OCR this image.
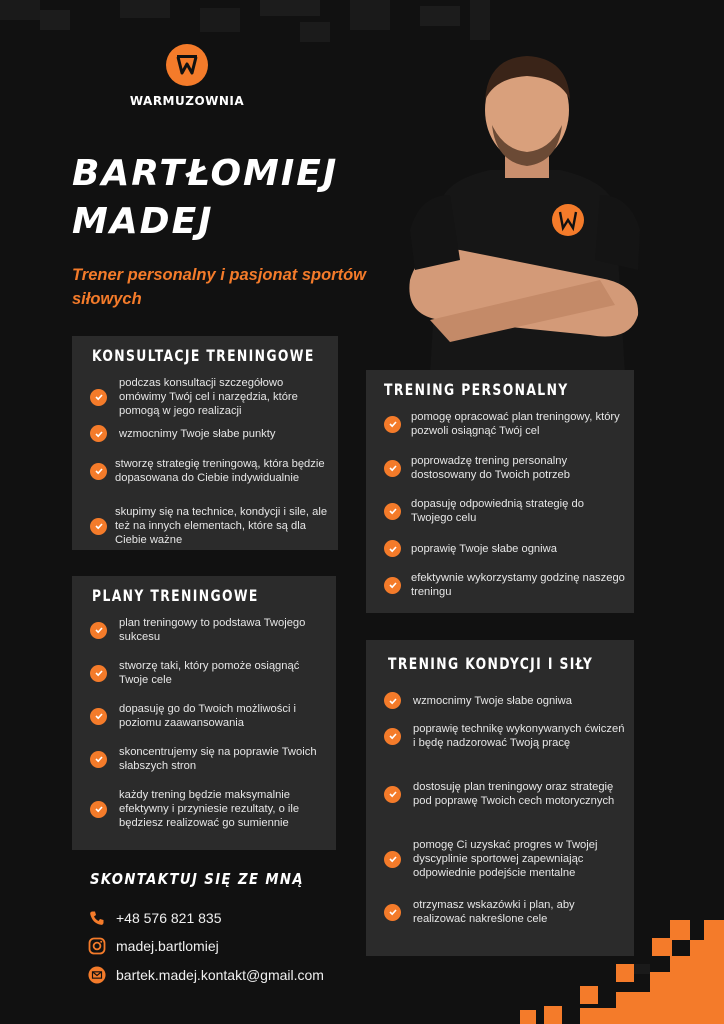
WARMUZOWNIA
BARTŁOMIEJ
MADEJ
Trener personalny i pasjonat sportów siłowych
KONSULTACJE TRENINGOWE
podczas konsultacji szczegółowo omówimy Twój cel i narzędzia, które pomogą w jego realizacji
wzmocnimy Twoje słabe punkty
stworzę strategię treningową, która będzie dopasowana do Ciebie indywidualnie
skupimy się na technice, kondycji i sile, ale też na innych elementach, które są dla Ciebie ważne
PLANY TRENINGOWE
plan treningowy to podstawa Twojego sukcesu
stworzę taki, który pomoże osiągnąć Twoje cele
dopasuję go do Twoich możliwości i poziomu zaawansowania
skoncentrujemy się na poprawie Twoich słabszych stron
każdy trening będzie maksymalnie efektywny i przyniesie rezultaty, o ile będziesz realizować go sumiennie
TRENING PERSONALNY
pomogę opracować plan treningowy, który pozwoli osiągnąć Twój cel
poprowadzę trening personalny dostosowany do Twoich potrzeb
dopasuję odpowiednią strategię do Twojego celu
poprawię Twoje słabe ogniwa
efektywnie wykorzystamy godzinę naszego treningu
TRENING KONDYCJI I SIŁY
wzmocnimy Twoje słabe ogniwa
poprawię technikę wykonywanych ćwiczeń i będę nadzorować Twoją pracę
dostosuję plan treningowy oraz strategię pod poprawę Twoich cech motorycznych
pomogę Ci uzyskać progres w Twojej dyscyplinie sportowej zapewniając odpowiednie podejście mentalne
otrzymasz wskazówki i plan, aby realizować nakreślone cele
SKONTAKTUJ SIĘ ZE MNĄ
+48 576 821 835
madej.bartlomiej
bartek.madej.kontakt@gmail.com
